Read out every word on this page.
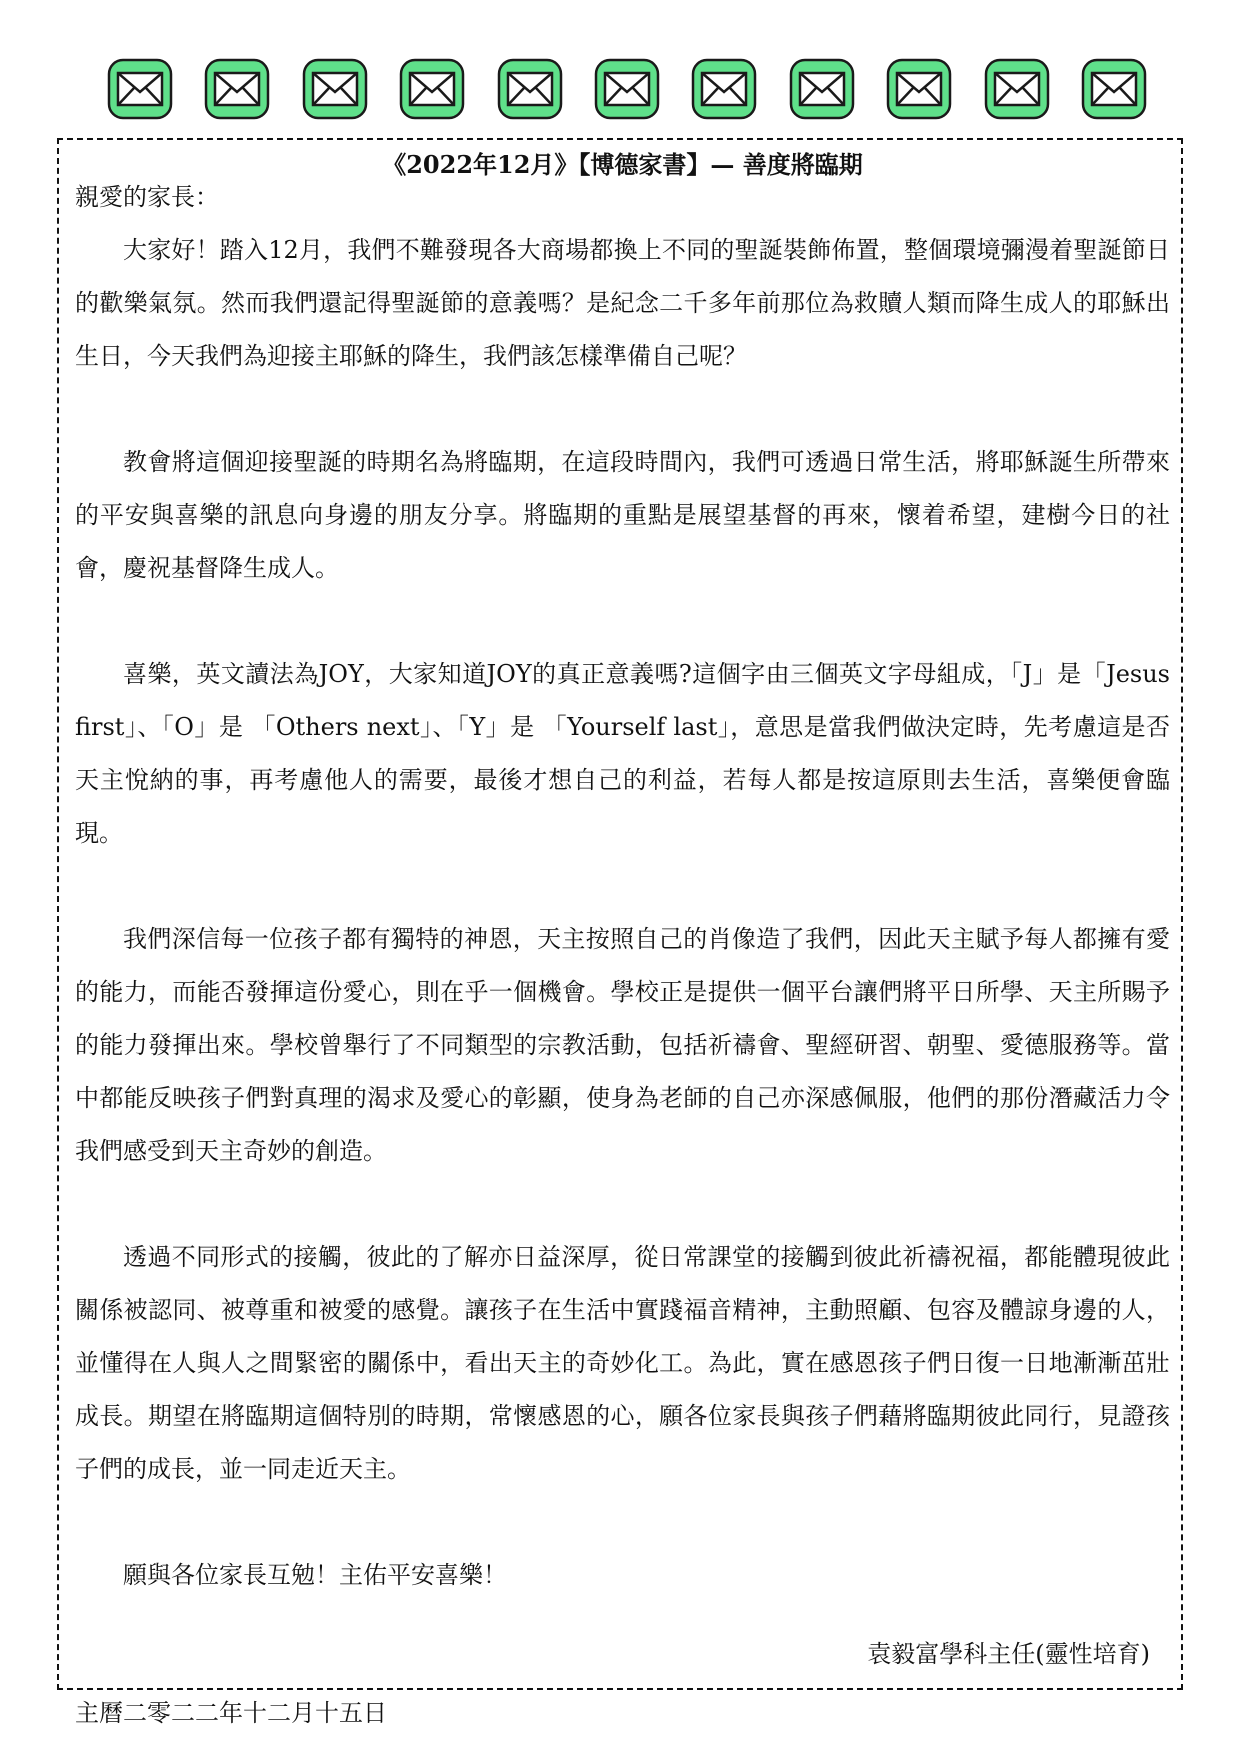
《2022年12月》【博德家書】— 善度將臨期

親愛的家長：

大家好！踏入12月，我們不難發現各大商場都換上不同的聖誕裝飾佈置，整個環境彌漫着聖誕節日的歡樂氣氛。然而我們還記得聖誕節的意義嗎？是紀念二千多年前那位為救贖人類而降生成人的耶穌出生日，今天我們為迎接主耶穌的降生，我們該怎樣準備自己呢？

教會將這個迎接聖誕的時期名為將臨期，在這段時間內，我們可透過日常生活，將耶穌誕生所帶來的平安與喜樂的訊息向身邊的朋友分享。將臨期的重點是展望基督的再來，懷着希望，建樹今日的社會，慶祝基督降生成人。

喜樂，英文讀法為JOY，大家知道JOY的真正意義嗎?這個字由三個英文字母組成，「J」是「Jesus first」、「O」是 「Others next」、「Y」是 「Yourself last」，意思是當我們做決定時，先考慮這是否天主悅納的事，再考慮他人的需要，最後才想自己的利益，若每人都是按這原則去生活，喜樂便會臨現。

我們深信每一位孩子都有獨特的神恩，天主按照自己的肖像造了我們，因此天主賦予每人都擁有愛的能力，而能否發揮這份愛心，則在乎一個機會。學校正是提供一個平台讓們將平日所學、天主所賜予的能力發揮出來。學校曾舉行了不同類型的宗教活動，包括祈禱會、聖經研習、朝聖、愛德服務等。當中都能反映孩子們對真理的渴求及愛心的彰顯，使身為老師的自己亦深感佩服，他們的那份潛藏活力令我們感受到天主奇妙的創造。

透過不同形式的接觸，彼此的了解亦日益深厚，從日常課堂的接觸到彼此祈禱祝福，都能體現彼此關係被認同、被尊重和被愛的感覺。讓孩子在生活中實踐福音精神，主動照顧、包容及體諒身邊的人，並懂得在人與人之間緊密的關係中，看出天主的奇妙化工。為此，實在感恩孩子們日復一日地漸漸茁壯成長。期望在將臨期這個特別的時期，常懷感恩的心，願各位家長與孩子們藉將臨期彼此同行，見證孩子們的成長，並一同走近天主。

願與各位家長互勉！主佑平安喜樂！

袁毅富學科主任(靈性培育)

主曆二零二二年十二月十五日
